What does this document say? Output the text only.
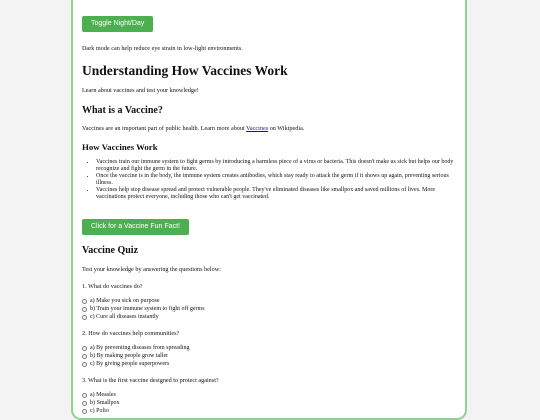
Toggle Night/Day

Dark mode can help reduce eye strain in low-light environments.

Understanding How Vaccines Work

Learn about vaccines and test your knowledge!

What is a Vaccine?

Vaccines are an important part of public health. Learn more about Vaccines on Wikipedia.

How Vaccines Work
• Vaccines train our immune system to fight germs by introducing a harmless piece of a virus or bacteria. This doesn't make us sick but helps our body recognize and fight the germ in the future.
• Once the vaccine is in the body, the immune system creates antibodies, which stay ready to attack the germ if it shows up again, preventing serious illness.
• Vaccines help stop disease spread and protect vulnerable people. They've eliminated diseases like smallpox and saved millions of lives. More vaccinations protect everyone, including those who can't get vaccinated.
Click for a Vaccine Fun Fact!
Vaccine Quiz

Test your knowledge by answering the questions below:

1. What do vaccines do?

a) Make you sick on purpose
b) Train your immune system to fight off germs
c) Cure all diseases instantly

2. How do vaccines help communities?

a) By preventing diseases from spreading
b) By making people grow taller
c) By giving people superpowers

3. What is the first vaccine designed to protect against?

a) Measles
b) Smallpox
c) Polio
